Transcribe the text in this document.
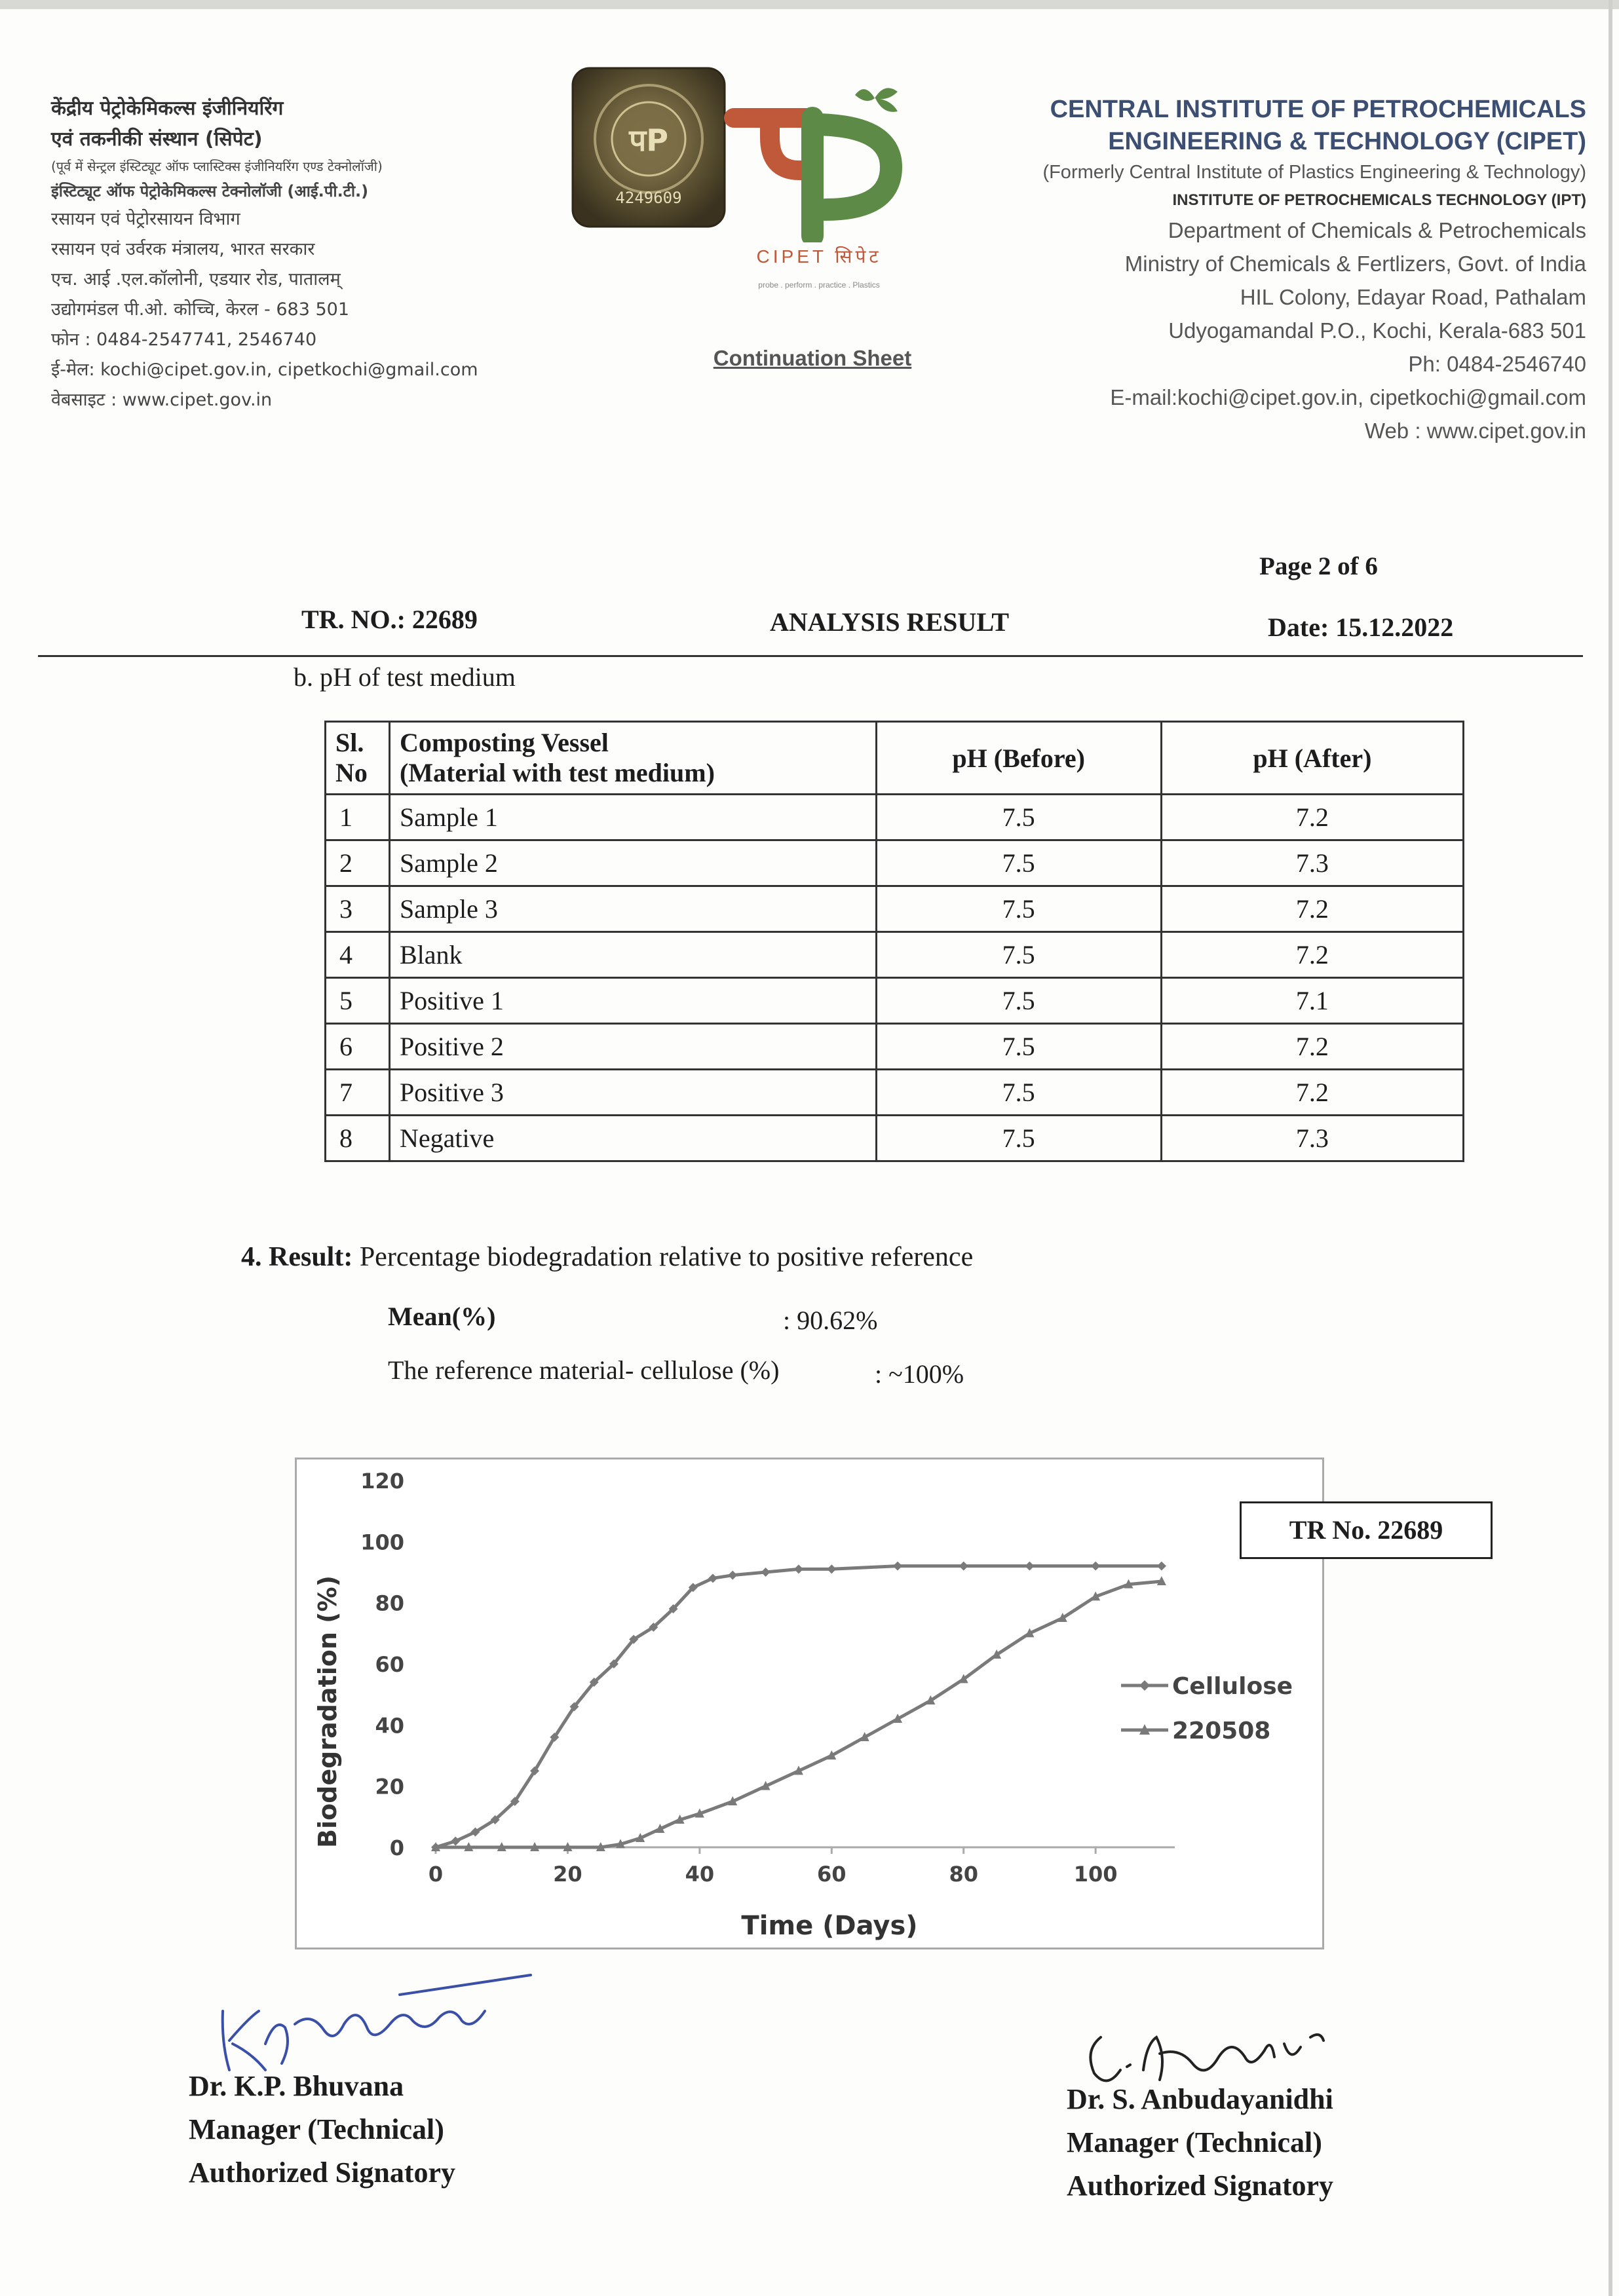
केंद्रीय पेट्रोकेमिकल्स इंजीनियरिंग
एवं तकनीकी संस्थान (सिपेट)
(पूर्व में सेन्ट्रल इंस्टिट्यूट ऑफ प्लास्टिक्स इंजीनियरिंग एण्ड टेक्नोलॉजी)
इंस्टिट्यूट ऑफ पेट्रोकेमिकल्स टेक्नोलॉजी (आई.पी.टी.)
रसायन एवं पेट्रोरसायन विभाग
रसायन एवं उर्वरक मंत्रालय, भारत सरकार
एच. आई .एल.कॉलोनी, एडयार रोड, पातालम्
उद्योगमंडल पी.ओ. कोच्चि, केरल - 683 501
फोन : 0484-2547741, 2546740
ई-मेल: kochi@cipet.gov.in, cipetkochi@gmail.com
वेबसाइट : www.cipet.gov.in
पP
4249609
CIPET सिपेट
probe . perform . practice . Plastics
Continuation Sheet
CENTRAL INSTITUTE OF PETROCHEMICALS
ENGINEERING & TECHNOLOGY (CIPET)
(Formerly Central Institute of Plastics Engineering & Technology)
INSTITUTE OF PETROCHEMICALS TECHNOLOGY (IPT)
Department of Chemicals & Petrochemicals
Ministry of Chemicals & Fertlizers, Govt. of India
HIL Colony, Edayar Road, Pathalam
Udyogamandal P.O., Kochi, Kerala-683 501
Ph: 0484-2546740
E-mail:kochi@cipet.gov.in, cipetkochi@gmail.com
Web : www.cipet.gov.in
Page 2 of 6
TR. NO.: 22689	ANALYSIS RESULT	Date: 15.12.2022
b. pH of test medium
Sl.
No	Composting Vessel
(Material with test medium)	pH (Before)	pH (After)
1	Sample 1	7.5	7.2
2	Sample 2	7.5	7.3
3	Sample 3	7.5	7.2
4	Blank	7.5	7.2
5	Positive 1	7.5	7.1
6	Positive 2	7.5	7.2
7	Positive 3	7.5	7.2
8	Negative	7.5	7.3
4. Result: Percentage biodegradation relative to positive reference
Mean(%)	: 90.62%
The reference material- cellulose (%)	: ~100%
0
20
40
60
80
100
120
0	20	40	60	80	100
Cellulose
220508
Time (Days)
Biodegradation (%)
TR No. 22689
Dr. K.P. Bhuvana
Manager (Technical)
Authorized Signatory
Dr. S. Anbudayanidhi
Manager (Technical)
Authorized Signatory
